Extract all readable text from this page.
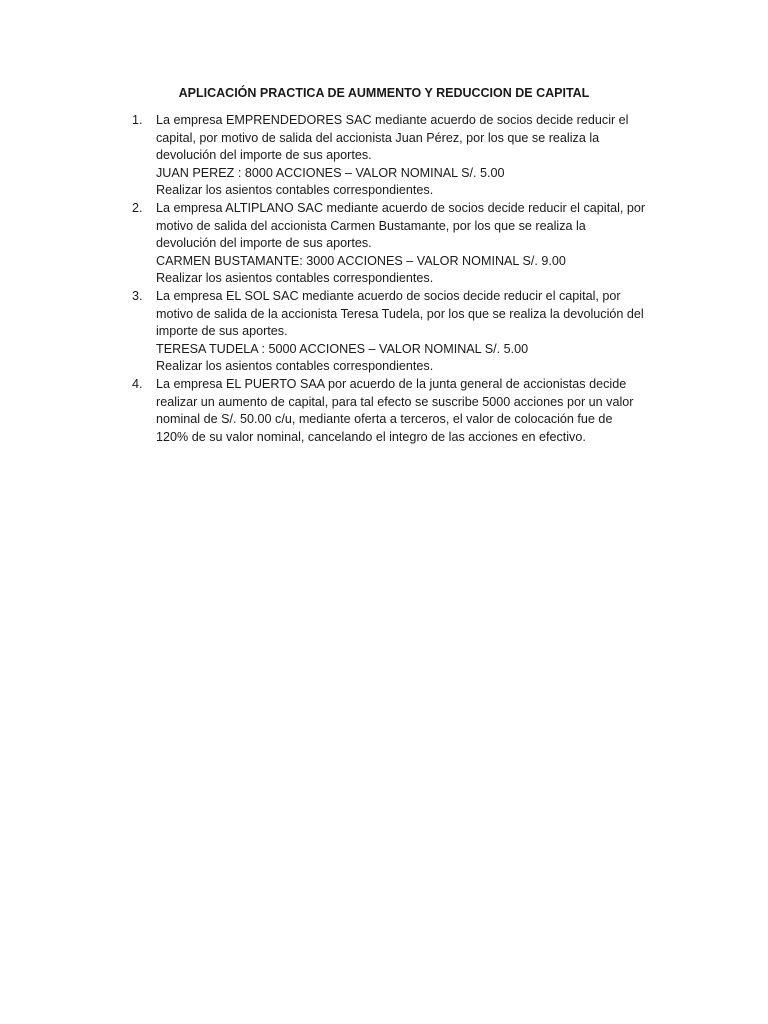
APLICACIÓN PRACTICA DE AUMMENTO Y REDUCCION DE CAPITAL
1. La empresa EMPRENDEDORES SAC mediante acuerdo de socios decide reducir el
capital, por motivo de salida del accionista Juan Pérez, por los que se realiza la
devolución del importe de sus aportes.
JUAN PEREZ : 8000 ACCIONES – VALOR NOMINAL S/. 5.00
Realizar los asientos contables correspondientes.
2. La empresa ALTIPLANO SAC mediante acuerdo de socios decide reducir el capital, por
motivo de salida del accionista Carmen Bustamante, por los que se realiza la
devolución del importe de sus aportes.
CARMEN BUSTAMANTE: 3000 ACCIONES – VALOR NOMINAL S/. 9.00
Realizar los asientos contables correspondientes.
3. La empresa EL SOL SAC mediante acuerdo de socios decide reducir el capital, por
motivo de salida de la accionista Teresa Tudela, por los que se realiza la devolución del
importe de sus aportes.
TERESA TUDELA : 5000 ACCIONES – VALOR NOMINAL S/. 5.00
Realizar los asientos contables correspondientes.
4. La empresa EL PUERTO SAA por acuerdo de la junta general de accionistas decide
realizar un aumento de capital, para tal efecto se suscribe 5000 acciones por un valor
nominal de S/. 50.00 c/u, mediante oferta a terceros, el valor de colocación fue de
120% de su valor nominal, cancelando el integro de las acciones en efectivo.
